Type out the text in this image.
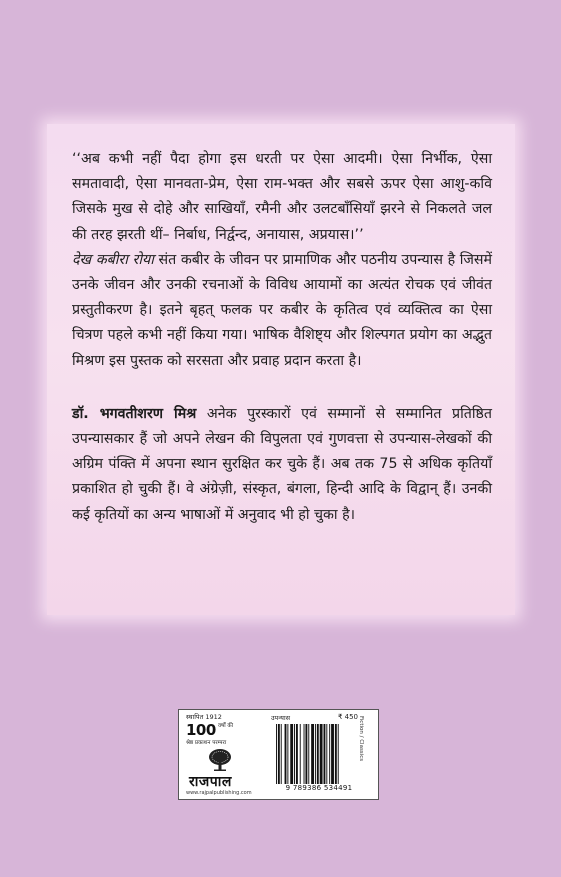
‘‘अब कभी नहीं पैदा होगा इस धरती पर ऐसा आदमी। ऐसा निर्भीक, ऐसा समतावादी, ऐसा मानवता-प्रेम, ऐसा राम-भक्त और सबसे ऊपर ऐसा आशु-कवि जिसके मुख से दोहे और साखियाँ, रमैनी और उलटबाँसियाँ झरने से निकलते जल की तरह झरती थीं– निर्बाध, निर्द्वन्द, अनायास, अप्रयास।’’

देख कबीरा रोया संत कबीर के जीवन पर प्रामाणिक और पठनीय उपन्यास है जिसमें उनके जीवन और उनकी रचनाओं के विविध आयामों का अत्यंत रोचक एवं जीवंत प्रस्तुतीकरण है। इतने बृहत् फलक पर कबीर के कृतित्व एवं व्यक्तित्व का ऐसा चित्रण पहले कभी नहीं किया गया। भाषिक वैशिष्ट्य और शिल्पगत प्रयोग का अद्भुत मिश्रण इस पुस्तक को सरसता और प्रवाह प्रदान करता है।

डॉ. भगवतीशरण मिश्र अनेक पुरस्कारों एवं सम्मानों से सम्मानित प्रतिष्ठित उपन्यासकार हैं जो अपने लेखन की विपुलता एवं गुणवत्ता से उपन्यास-लेखकों की अग्रिम पंक्ति में अपना स्थान सुरक्षित कर चुके हैं। अब तक 75 से अधिक कृतियाँ प्रकाशित हो चुकी हैं। वे अंग्रेज़ी, संस्कृत, बंगला, हिन्दी आदि के विद्वान् हैं। उनकी कई कृतियों का अन्य भाषाओं में अनुवाद भी हो चुका है।

स्थापित 1912
100 वर्षों की

श्रेष्ठ प्रकाशन परम्परा
राजपाल
www.rajpalpublishing.com
उपन्यास	₹ 450
9 789386 534491
Fiction / Classics
